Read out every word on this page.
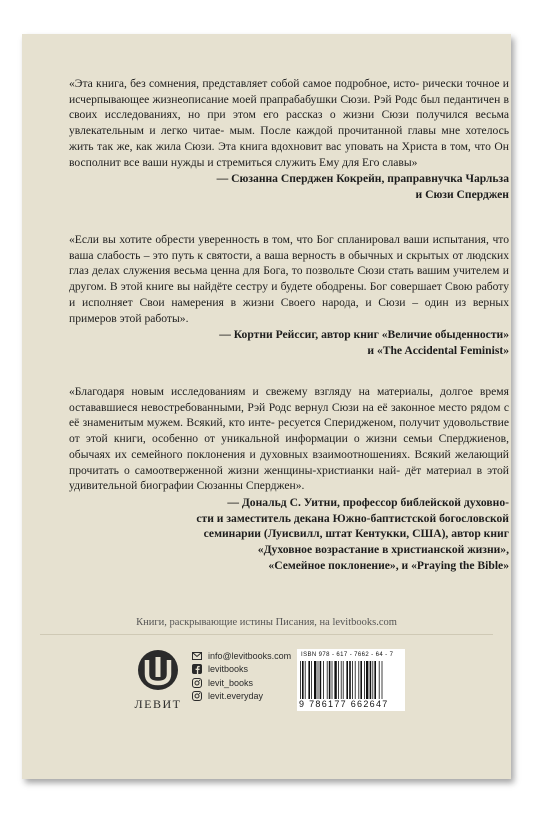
«Эта книга, без сомнения, представляет собой самое подробное, исто- рически точное и исчерпывающее жизнеописание моей прапрабабушки Сюзи. Рэй Родс был педантичен в своих исследованиях, но при этом его рассказ о жизни Сюзи получился весьма увлекательным и легко читае- мым. После каждой прочитанной главы мне хотелось жить так же, как жила Сюзи. Эта книга вдохновит вас уповать на Христа в том, что Он восполнит все ваши нужды и стремиться служить Ему для Его славы»

— Сюзанна Сперджен Кокрейн, праправнучка Чарльза
и Сюзи Сперджен

«Если вы хотите обрести уверенность в том, что Бог спланировал ваши испытания, что ваша слабость – это путь к святости, а ваша верность в обычных и скрытых от людских глаз делах служения весьма ценна для Бога, то позвольте Сюзи стать вашим учителем и другом. В этой книге вы найдёте сестру и будете ободрены. Бог совершает Свою работу и исполняет Свои намерения в жизни Своего народа, и Сюзи – один из верных примеров этой работы».

— Кортни Рейссиг, автор книг «Величие обыденности»
и «The Accidental Feminist»

«Благодаря новым исследованиям и свежему взгляду на материалы, долгое время остававшиеся невостребованными, Рэй Родс вернул Сюзи на её законное место рядом с её знаменитым мужем. Всякий, кто инте- ресуется Сперидженом, получит удовольствие от этой книги, особенно от уникальной информации о жизни семьи Сперджиенов, обычаях их семейного поклонения и духовных взаимоотношениях. Всякий желающий прочитать о самоотверженной жизни женщины-христианки най- дёт материал в этой удивительной биографии Сюзанны Сперджен».

— Дональд С. Уитни, профессор библейской духовно-
сти и заместитель декана Южно-баптистской богословской
семинарии (Луисвилл, штат Кентукки, США), автор книг
«Духовное возрастание в христианской жизни»,
«Семейное поклонение», и «Praying the Bible»
Книги, раскрывающие истины Писания, на levitbooks.com
ЛЕВИТ
info@levitbooks.com
levitbooks
levit_books
levit.everyday
ISBN 978 - 617 - 7662 - 64 - 7
9 786177 662647
